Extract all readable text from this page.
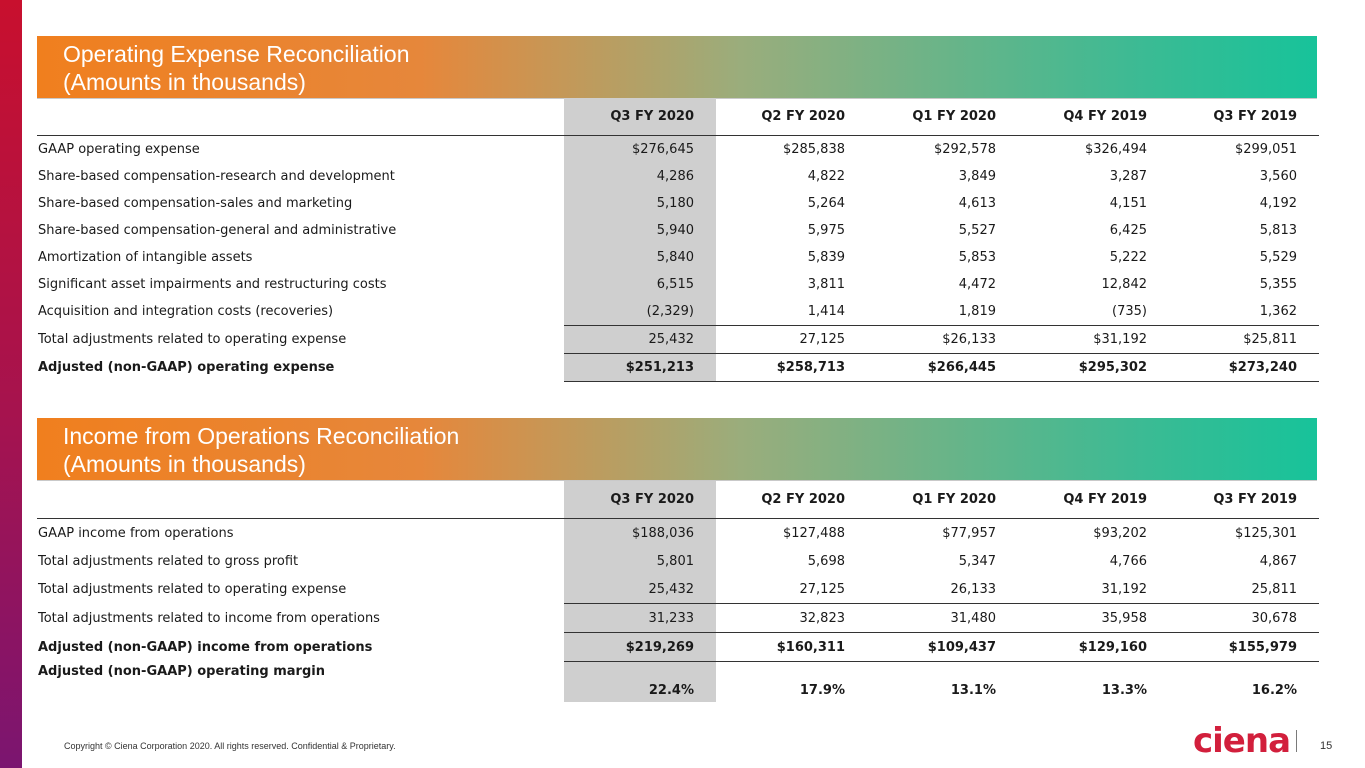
Operating Expense Reconciliation
(Amounts in thousands)
	Q3 FY 2020	Q2 FY 2020	Q1 FY 2020	Q4 FY 2019	Q3 FY 2019
GAAP operating expense	$276,645	$285,838	$292,578	$326,494	$299,051
Share-based compensation-research and development	4,286	4,822	3,849	3,287	3,560
Share-based compensation-sales and marketing	5,180	5,264	4,613	4,151	4,192
Share-based compensation-general and administrative	5,940	5,975	5,527	6,425	5,813
Amortization of intangible assets	5,840	5,839	5,853	5,222	5,529
Significant asset impairments and restructuring costs	6,515	3,811	4,472	12,842	5,355
Acquisition and integration costs (recoveries)	(2,329)	1,414	1,819	(735)	1,362
Total adjustments related to operating expense	25,432	27,125	$26,133	$31,192	$25,811
Adjusted (non-GAAP) operating expense	$251,213	$258,713	$266,445	$295,302	$273,240
Income from Operations Reconciliation
(Amounts in thousands)
	Q3 FY 2020	Q2 FY 2020	Q1 FY 2020	Q4 FY 2019	Q3 FY 2019
GAAP income from operations	$188,036	$127,488	$77,957	$93,202	$125,301
Total adjustments related to gross profit	5,801	5,698	5,347	4,766	4,867
Total adjustments related to operating expense	25,432	27,125	26,133	31,192	25,811
Total adjustments related to income from operations	31,233	32,823	31,480	35,958	30,678
Adjusted (non-GAAP) income from operations	$219,269	$160,311	$109,437	$129,160	$155,979
Adjusted (non-GAAP) operating margin	22.4%	17.9%	13.1%	13.3%	16.2%
Copyright © Ciena Corporation 2020. All rights reserved. Confidential & Proprietary.	ciena	15
